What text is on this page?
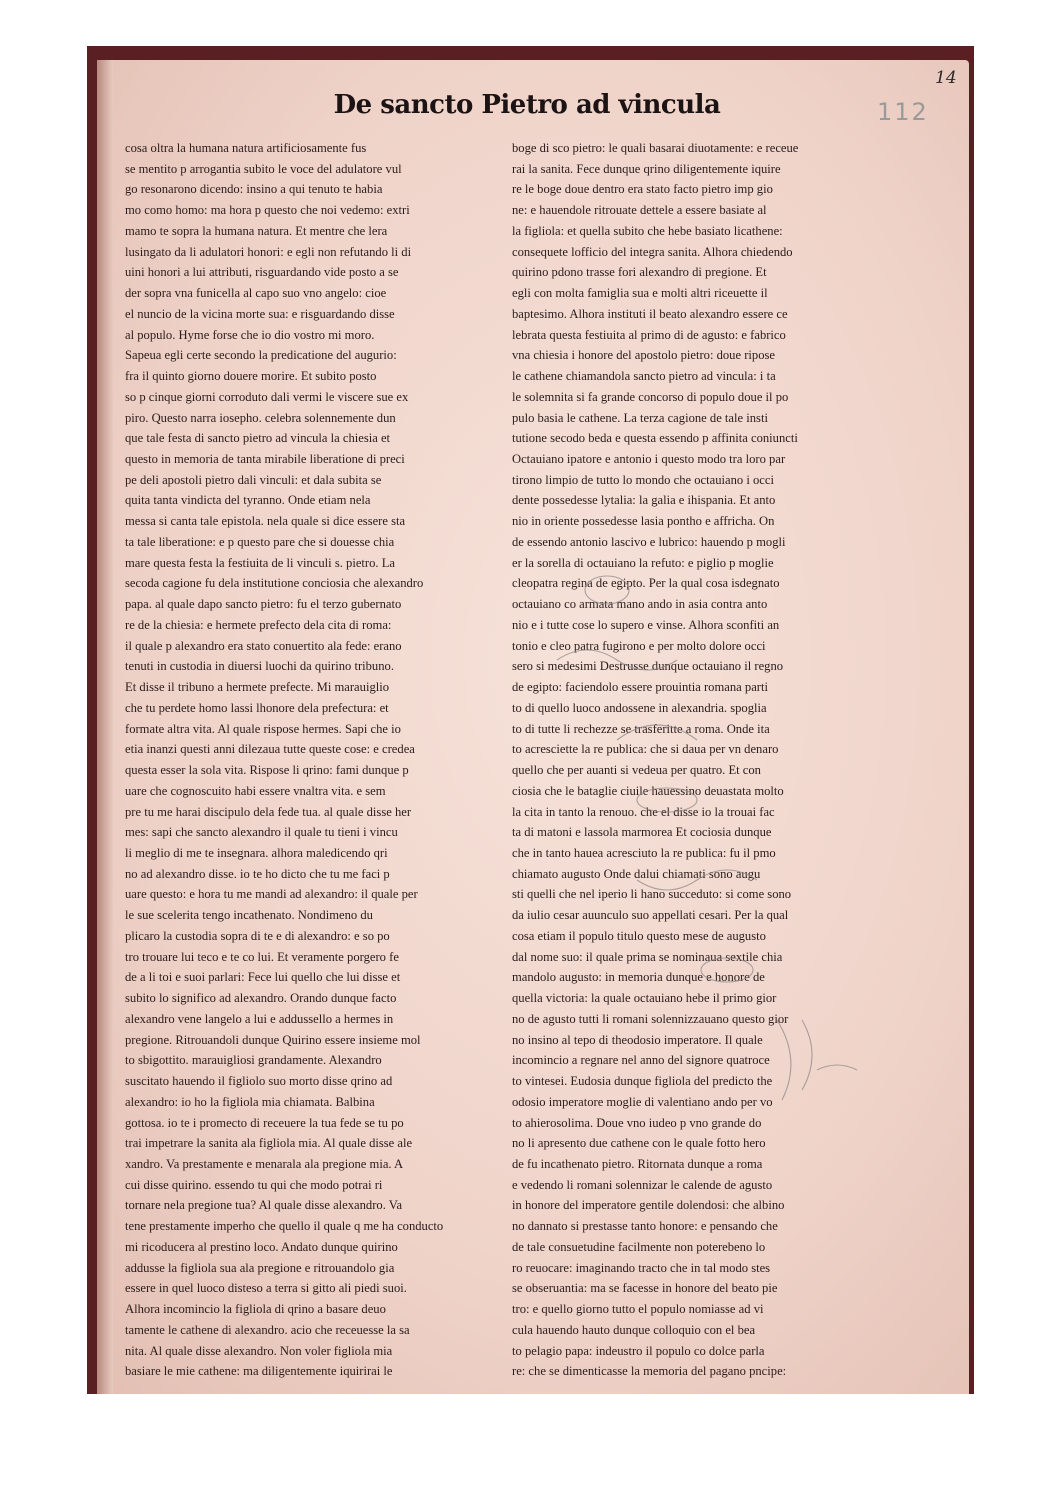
14
112
De sancto Pietro ad vincula

cosa oltra la humana natura artificiosamente fus

se mentito p arrogantia subito le voce del adulatore vul

go resonarono dicendo: insino a qui tenuto te habia

mo como homo: ma hora p questo che noi vedemo: extri

mamo te sopra la humana natura. Et mentre che lera

lusingato da li adulatori honori: e egli non refutando li di

uini honori a lui attributi, risguardando vide posto a se

der sopra vna funicella al capo suo vno angelo: cioe

el nuncio de la vicina morte sua: e risguardando disse

al populo. Hyme forse che io dio vostro mi moro.

Sapeua egli certe secondo la predicatione del augurio:

fra il quinto giorno douere morire. Et subito posto

so p cinque giorni corroduto dali vermi le viscere sue ex

piro. Questo narra iosepho. celebra solennemente dun

que tale festa di sancto pietro ad vincula la chiesia et

questo in memoria de tanta mirabile liberatione di preci

pe deli apostoli pietro dali vinculi: et dala subita se

quita tanta vindicta del tyranno. Onde etiam nela

messa si canta tale epistola. nela quale si dice essere sta

ta tale liberatione: e p questo pare che si douesse chia

mare questa festa la festiuita de li vinculi s. pietro. La

secoda cagione fu dela institutione conciosia che alexandro

papa. al quale dapo sancto pietro: fu el terzo gubernato

re de la chiesia: e hermete prefecto dela cita di roma:

il quale p alexandro era stato conuertito ala fede: erano

tenuti in custodia in diuersi luochi da quirino tribuno.

Et disse il tribuno a hermete prefecte. Mi marauiglio

che tu perdete homo lassi lhonore dela prefectura: et

formate altra vita. Al quale rispose hermes. Sapi che io

etia inanzi questi anni dilezaua tutte queste cose: e credea

questa esser la sola vita. Rispose li qrino: fami dunque p

uare che cognoscuito habi essere vnaltra vita. e sem

pre tu me harai discipulo dela fede tua. al quale disse her

mes: sapi che sancto alexandro il quale tu tieni i vincu

li meglio di me te insegnara. alhora maledicendo qri

no ad alexandro disse. io te ho dicto che tu me faci p

uare questo: e hora tu me mandi ad alexandro: il quale per

le sue scelerita tengo incathenato. Nondimeno du

plicaro la custodia sopra di te e di alexandro: e so po

tro trouare lui teco e te co lui. Et veramente porgero fe

de a li toi e suoi parlari: Fece lui quello che lui disse et

subito lo significo ad alexandro. Orando dunque facto

alexandro vene langelo a lui e addussello a hermes in

pregione. Ritrouandoli dunque Quirino essere insieme mol

to sbigottito. marauigliosi grandamente. Alexandro

suscitato hauendo il figliolo suo morto disse qrino ad

alexandro: io ho la figliola mia chiamata. Balbina

gottosa. io te i promecto di receuere la tua fede se tu po

trai impetrare la sanita ala figliola mia. Al quale disse ale

xandro. Va prestamente e menarala ala pregione mia. A

cui disse quirino. essendo tu qui che modo potrai ri

tornare nela pregione tua? Al quale disse alexandro. Va

tene prestamente imperho che quello il quale q me ha conducto

mi ricoducera al prestino loco. Andato dunque quirino

addusse la figliola sua ala pregione e ritrouandolo gia

essere in quel luoco disteso a terra si gitto ali piedi suoi.

Alhora incomincio la figliola di qrino a basare deuo

tamente le cathene di alexandro. acio che receuesse la sa

nita. Al quale disse alexandro. Non voler figliola mia

basiare le mie cathene: ma diligentemente iquirirai le

boge di sco pietro: le quali basarai diuotamente: e receue

rai la sanita. Fece dunque qrino diligentemente iquire

re le boge doue dentro era stato facto pietro imp gio

ne: e hauendole ritrouate dettele a essere basiate al

la figliola: et quella subito che hebe basiato licathene:

consequete lofficio del integra sanita. Alhora chiedendo

quirino pdono trasse fori alexandro di pregione. Et

egli con molta famiglia sua e molti altri riceuette il

baptesimo. Alhora instituti il beato alexandro essere ce

lebrata questa festiuita al primo di de agusto: e fabrico

vna chiesia i honore del apostolo pietro: doue ripose

le cathene chiamandola sancto pietro ad vincula: i ta

le solemnita si fa grande concorso di populo doue il po

pulo basia le cathene. La terza cagione de tale insti

tutione secodo beda e questa essendo p affinita coniuncti

Octauiano ipatore e antonio i questo modo tra loro par

tirono limpio de tutto lo mondo che octauiano i occi

dente possedesse lytalia: la galia e ihispania. Et anto

nio in oriente possedesse lasia pontho e affricha. On

de essendo antonio lascivo e lubrico: hauendo p mogli

er la sorella di octauiano la refuto: e piglio p moglie

cleopatra regina de egipto. Per la qual cosa isdegnato

octauiano co armata mano ando in asia contra anto

nio e i tutte cose lo supero e vinse. Alhora sconfiti an

tonio e cleo patra fugirono e per molto dolore occi

sero si medesimi Destrusse dunque octauiano il regno

de egipto: faciendolo essere prouintia romana parti

to di quello luoco andossene in alexandria. spoglia

to di tutte li rechezze se trasferitte a roma. Onde ita

to acresciette la re publica: che si daua per vn denaro

quello che per auanti si vedeua per quatro. Et con

ciosia che le bataglie ciuile hauessino deuastata molto

la cita in tanto la renouo. che el disse io la trouai fac

ta di matoni e lassola marmorea Et cociosia dunque

che in tanto hauea acresciuto la re publica: fu il pmo

chiamato augusto Onde dalui chiamati sono augu

sti quelli che nel iperio li hano succeduto: si come sono

da iulio cesar auunculo suo appellati cesari. Per la qual

cosa etiam il populo titulo questo mese de augusto

dal nome suo: il quale prima se nominaua sextile chia

mandolo augusto: in memoria dunque e honore de

quella victoria: la quale octauiano hebe il primo gior

no de agusto tutti li romani solennizzauano questo gior

no insino al tepo di theodosio imperatore. Il quale

incomincio a regnare nel anno del signore quatroce

to vintesei. Eudosia dunque figliola del predicto the

odosio imperatore moglie di valentiano ando per vo

to ahierosolima. Doue vno iudeo p vno grande do

no li apresento due cathene con le quale fotto hero

de fu incathenato pietro. Ritornata dunque a roma

e vedendo li romani solennizar le calende de agusto

in honore del imperatore gentile dolendosi: che albino

no dannato si prestasse tanto honore: e pensando che

de tale consuetudine facilmente non poterebeno lo

ro reuocare: imaginando tracto che in tal modo stes

se obseruantia: ma se facesse in honore del beato pie

tro: e quello giorno tutto el populo nomiasse ad vi

cula hauendo hauto dunque colloquio con el bea

to pelagio papa: indeustro il populo co dolce parla

re: che se dimenticasse la memoria del pagano pncipe:
